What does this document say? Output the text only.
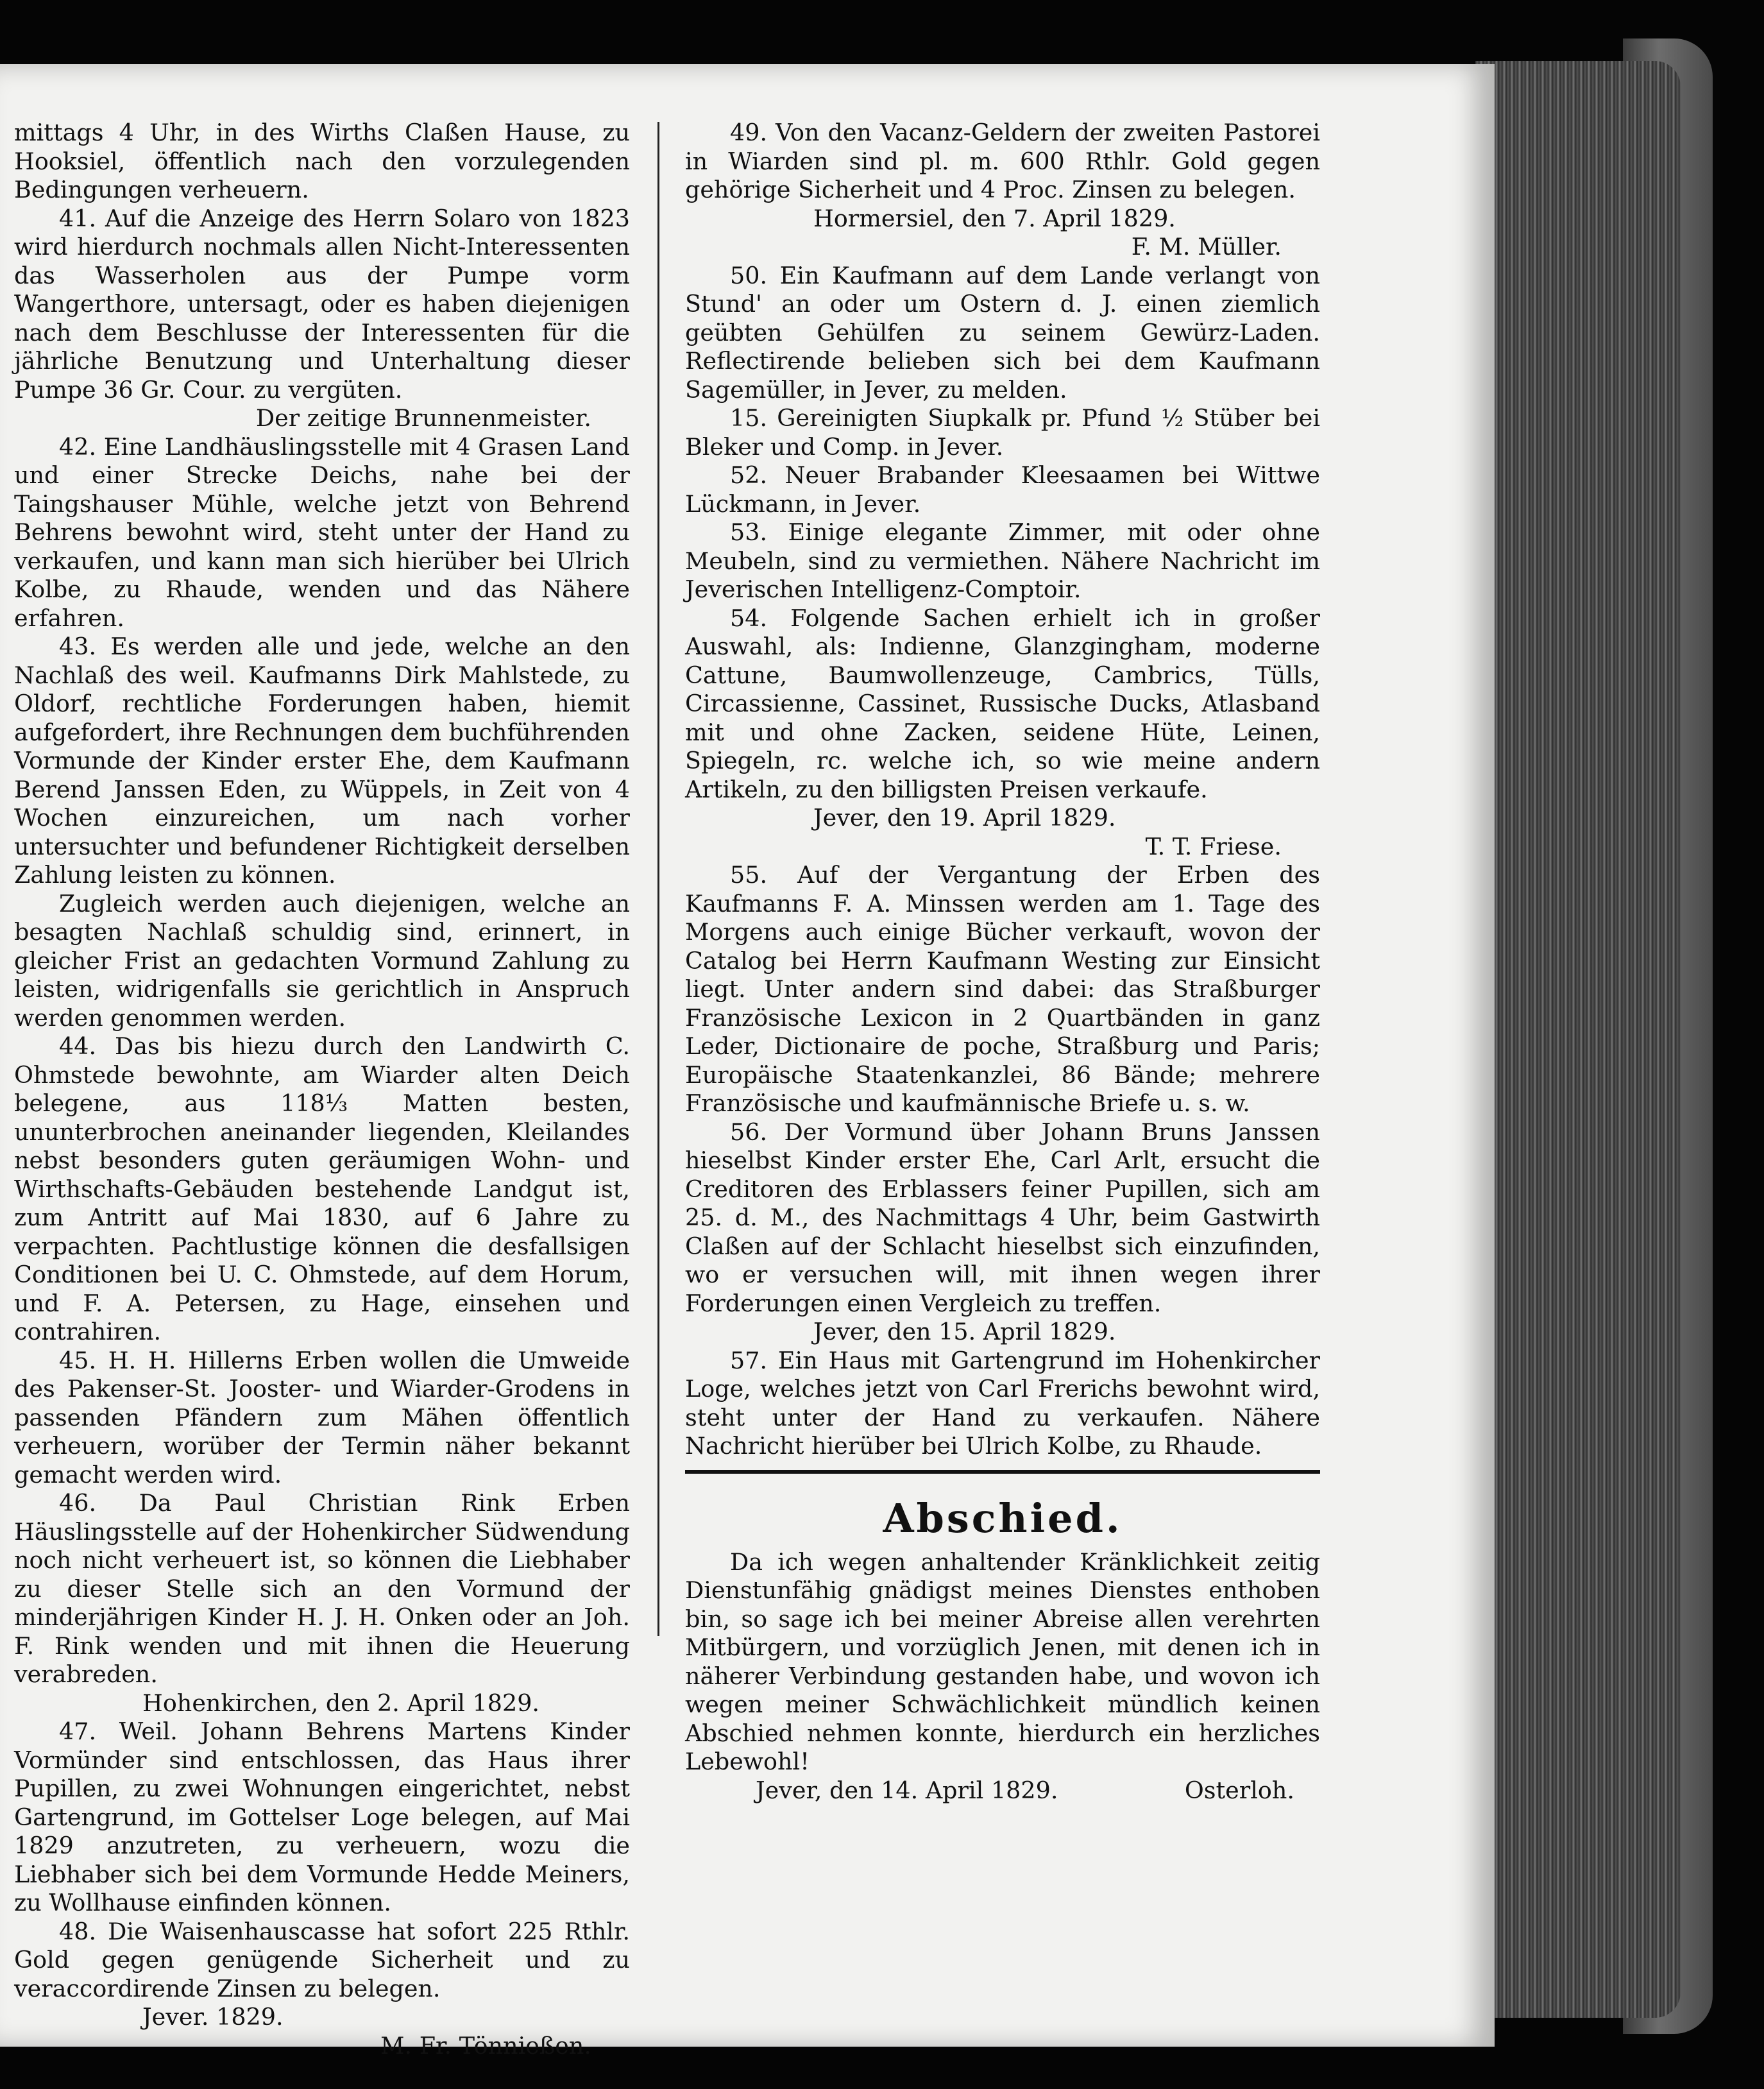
mittags 4 Uhr, in des Wirths Claßen Hause, zu Hooksiel, öffentlich nach den vorzulegenden Bedingungen verheuern.

41. Auf die Anzeige des Herrn Solaro von 1823 wird hierdurch nochmals allen Nicht-Interessenten das Wasserholen aus der Pumpe vorm Wangerthore, untersagt, oder es haben diejenigen nach dem Beschlusse der Interessenten für die jährliche Benutzung und Unterhaltung dieser Pumpe 36 Gr. Cour. zu vergüten.

Der zeitige Brunnenmeister.

42. Eine Landhäuslingsstelle mit 4 Grasen Land und einer Strecke Deichs, nahe bei der Taingshauser Mühle, welche jetzt von Behrend Behrens bewohnt wird, steht unter der Hand zu verkaufen, und kann man sich hierüber bei Ulrich Kolbe, zu Rhaude, wenden und das Nähere erfahren.

43. Es werden alle und jede, welche an den Nachlaß des weil. Kaufmanns Dirk Mahlstede, zu Oldorf, rechtliche Forderungen haben, hiemit aufgefordert, ihre Rechnungen dem buchführenden Vormunde der Kinder erster Ehe, dem Kaufmann Berend Janssen Eden, zu Wüppels, in Zeit von 4 Wochen einzureichen, um nach vorher untersuchter und befundener Richtigkeit derselben Zahlung leisten zu können.

Zugleich werden auch diejenigen, welche an besagten Nachlaß schuldig sind, erinnert, in gleicher Frist an gedachten Vormund Zahlung zu leisten, widrigenfalls sie gerichtlich in Anspruch werden genommen werden.

44. Das bis hiezu durch den Landwirth C. Ohmstede bewohnte, am Wiarder alten Deich belegene, aus 118⅓ Matten besten, ununterbrochen aneinander liegenden, Kleilandes nebst besonders guten geräumigen Wohn- und Wirthschafts-Gebäuden bestehende Landgut ist, zum Antritt auf Mai 1830, auf 6 Jahre zu verpachten. Pachtlustige können die desfallsigen Conditionen bei U. C. Ohmstede, auf dem Horum, und F. A. Petersen, zu Hage, einsehen und contrahiren.

45. H. H. Hillerns Erben wollen die Umweide des Pakenser-St. Jooster- und Wiarder-Grodens in passenden Pfändern zum Mähen öffentlich verheuern, worüber der Termin näher bekannt gemacht werden wird.

46. Da Paul Christian Rink Erben Häuslingsstelle auf der Hohenkircher Südwendung noch nicht verheuert ist, so können die Liebhaber zu dieser Stelle sich an den Vormund der minderjährigen Kinder H. J. H. Onken oder an Joh. F. Rink wenden und mit ihnen die Heuerung verabreden.

Hohenkirchen, den 2. April 1829.

47. Weil. Johann Behrens Martens Kinder Vormünder sind entschlossen, das Haus ihrer Pupillen, zu zwei Wohnungen eingerichtet, nebst Gartengrund, im Gottelser Loge belegen, auf Mai 1829 anzutreten, zu verheuern, wozu die Liebhaber sich bei dem Vormunde Hedde Meiners, zu Wollhause einfinden können.

48. Die Waisenhauscasse hat sofort 225 Rthlr. Gold gegen genügende Sicherheit und zu veraccordirende Zinsen zu belegen.

Jever. 1829.

M. Fr. Tönnießen.

49. Von den Vacanz-Geldern der zweiten Pastorei in Wiarden sind pl. m. 600 Rthlr. Gold gegen gehörige Sicherheit und 4 Proc. Zinsen zu belegen.

Hormersiel, den 7. April 1829.

F. M. Müller.

50. Ein Kaufmann auf dem Lande verlangt von Stund' an oder um Ostern d. J. einen ziemlich geübten Gehülfen zu seinem Gewürz-Laden. Reflectirende belieben sich bei dem Kaufmann Sagemüller, in Jever, zu melden.

15. Gereinigten Siupkalk pr. Pfund ½ Stüber bei Bleker und Comp. in Jever.

52. Neuer Brabander Kleesaamen bei Wittwe Lückmann, in Jever.

53. Einige elegante Zimmer, mit oder ohne Meubeln, sind zu vermiethen. Nähere Nachricht im Jeverischen Intelligenz-Comptoir.

54. Folgende Sachen erhielt ich in großer Auswahl, als: Indienne, Glanzgingham, moderne Cattune, Baumwollenzeuge, Cambrics, Tülls, Circassienne, Cassinet, Russische Ducks, Atlasband mit und ohne Zacken, seidene Hüte, Leinen, Spiegeln, rc. welche ich, so wie meine andern Artikeln, zu den billigsten Preisen verkaufe.

Jever, den 19. April 1829.

T. T. Friese.

55. Auf der Vergantung der Erben des Kaufmanns F. A. Minssen werden am 1. Tage des Morgens auch einige Bücher verkauft, wovon der Catalog bei Herrn Kaufmann Westing zur Einsicht liegt. Unter andern sind dabei: das Straßburger Französische Lexicon in 2 Quartbänden in ganz Leder, Dictionaire de poche, Straßburg und Paris; Europäische Staatenkanzlei, 86 Bände; mehrere Französische und kaufmännische Briefe u. s. w.

56. Der Vormund über Johann Bruns Janssen hieselbst Kinder erster Ehe, Carl Arlt, ersucht die Creditoren des Erblassers feiner Pupillen, sich am 25. d. M., des Nachmittags 4 Uhr, beim Gastwirth Claßen auf der Schlacht hieselbst sich einzufinden, wo er versuchen will, mit ihnen wegen ihrer Forderungen einen Vergleich zu treffen.

Jever, den 15. April 1829.

57. Ein Haus mit Gartengrund im Hohenkircher Loge, welches jetzt von Carl Frerichs bewohnt wird, steht unter der Hand zu verkaufen. Nähere Nachricht hierüber bei Ulrich Kolbe, zu Rhaude.

Abschied.

Da ich wegen anhaltender Kränklichkeit zeitig Dienstunfähig gnädigst meines Dienstes enthoben bin, so sage ich bei meiner Abreise allen verehrten Mitbürgern, und vorzüglich Jenen, mit denen ich in näherer Verbindung gestanden habe, und wovon ich wegen meiner Schwächlichkeit mündlich keinen Abschied nehmen konnte, hierdurch ein herzliches Lebewohl!

Jever, den 14. April 1829.	Osterloh.
